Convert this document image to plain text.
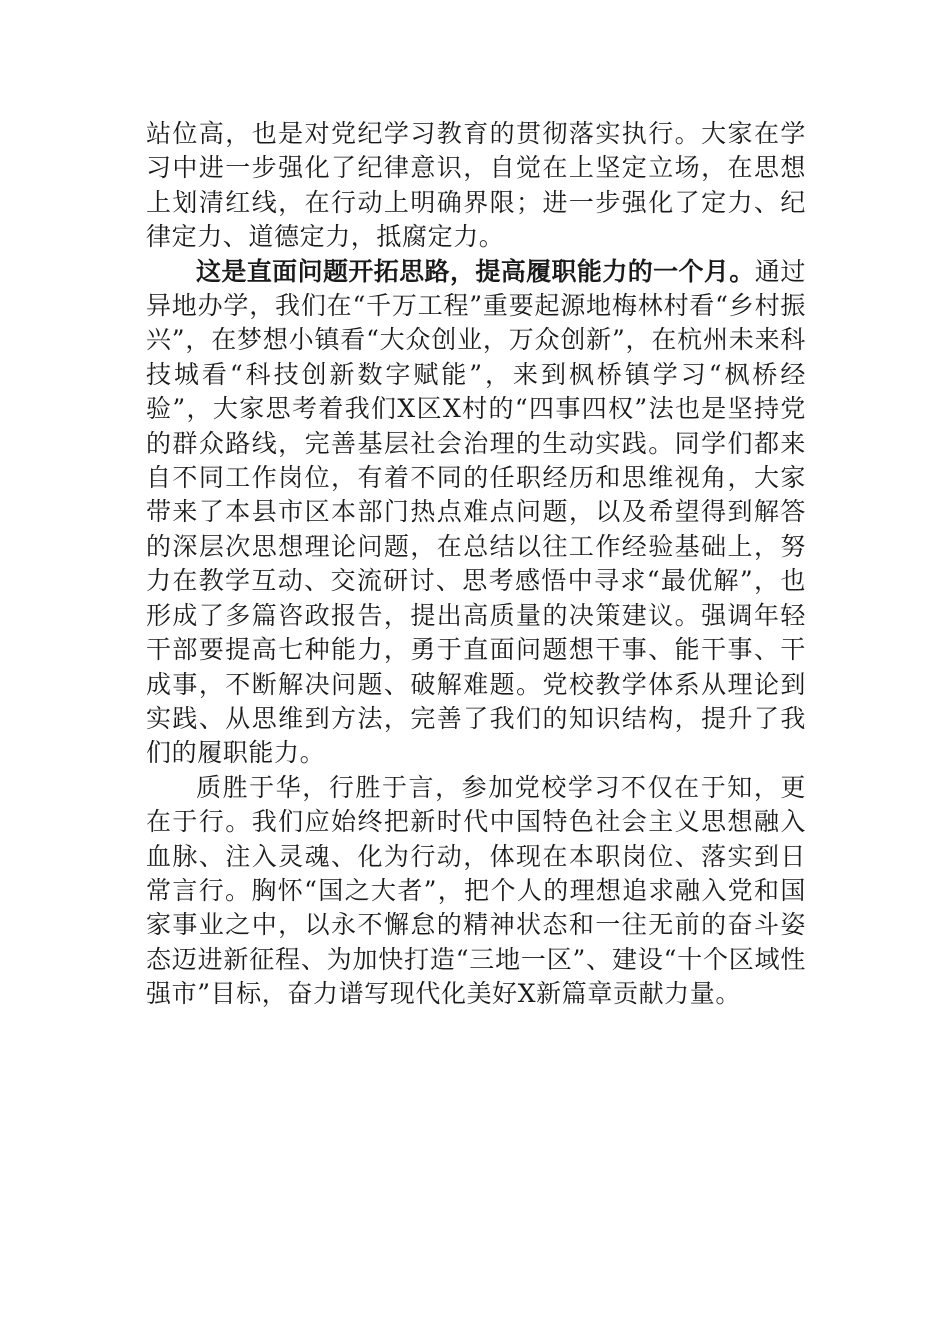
站位高，也是对党纪学习教育的贯彻落实执行。大家在学习中进一步强化了纪律意识，自觉在上坚定立场，在思想上划清红线，在行动上明确界限；进一步强化了定力、纪律定力、道德定力，抵腐定力。

这是直面问题开拓思路，提高履职能力的一个月。通过异地办学，我们在“千万工程”重要起源地梅林村看“乡村振兴”，在梦想小镇看“大众创业，万众创新”，在杭州未来科技城看“科技创新数字赋能”，来到枫桥镇学习“枫桥经验”，大家思考着我们X区X村的“四事四权”法也是坚持党的群众路线，完善基层社会治理的生动实践。同学们都来自不同工作岗位，有着不同的任职经历和思维视角，大家带来了本县市区本部门热点难点问题，以及希望得到解答的深层次思想理论问题，在总结以往工作经验基础上，努力在教学互动、交流研讨、思考感悟中寻求“最优解”，也形成了多篇咨政报告，提出高质量的决策建议。强调年轻干部要提高七种能力，勇于直面问题想干事、能干事、干成事，不断解决问题、破解难题。党校教学体系从理论到实践、从思维到方法，完善了我们的知识结构，提升了我们的履职能力。

质胜于华，行胜于言，参加党校学习不仅在于知，更在于行。我们应始终把新时代中国特色社会主义思想融入血脉、注入灵魂、化为行动，体现在本职岗位、落实到日常言行。胸怀“国之大者”，把个人的理想追求融入党和国家事业之中，以永不懈怠的精神状态和一往无前的奋斗姿态迈进新征程、为加快打造“三地一区”、建设“十个区域性强市”目标，奋力谱写现代化美好X新篇章贡献力量。
